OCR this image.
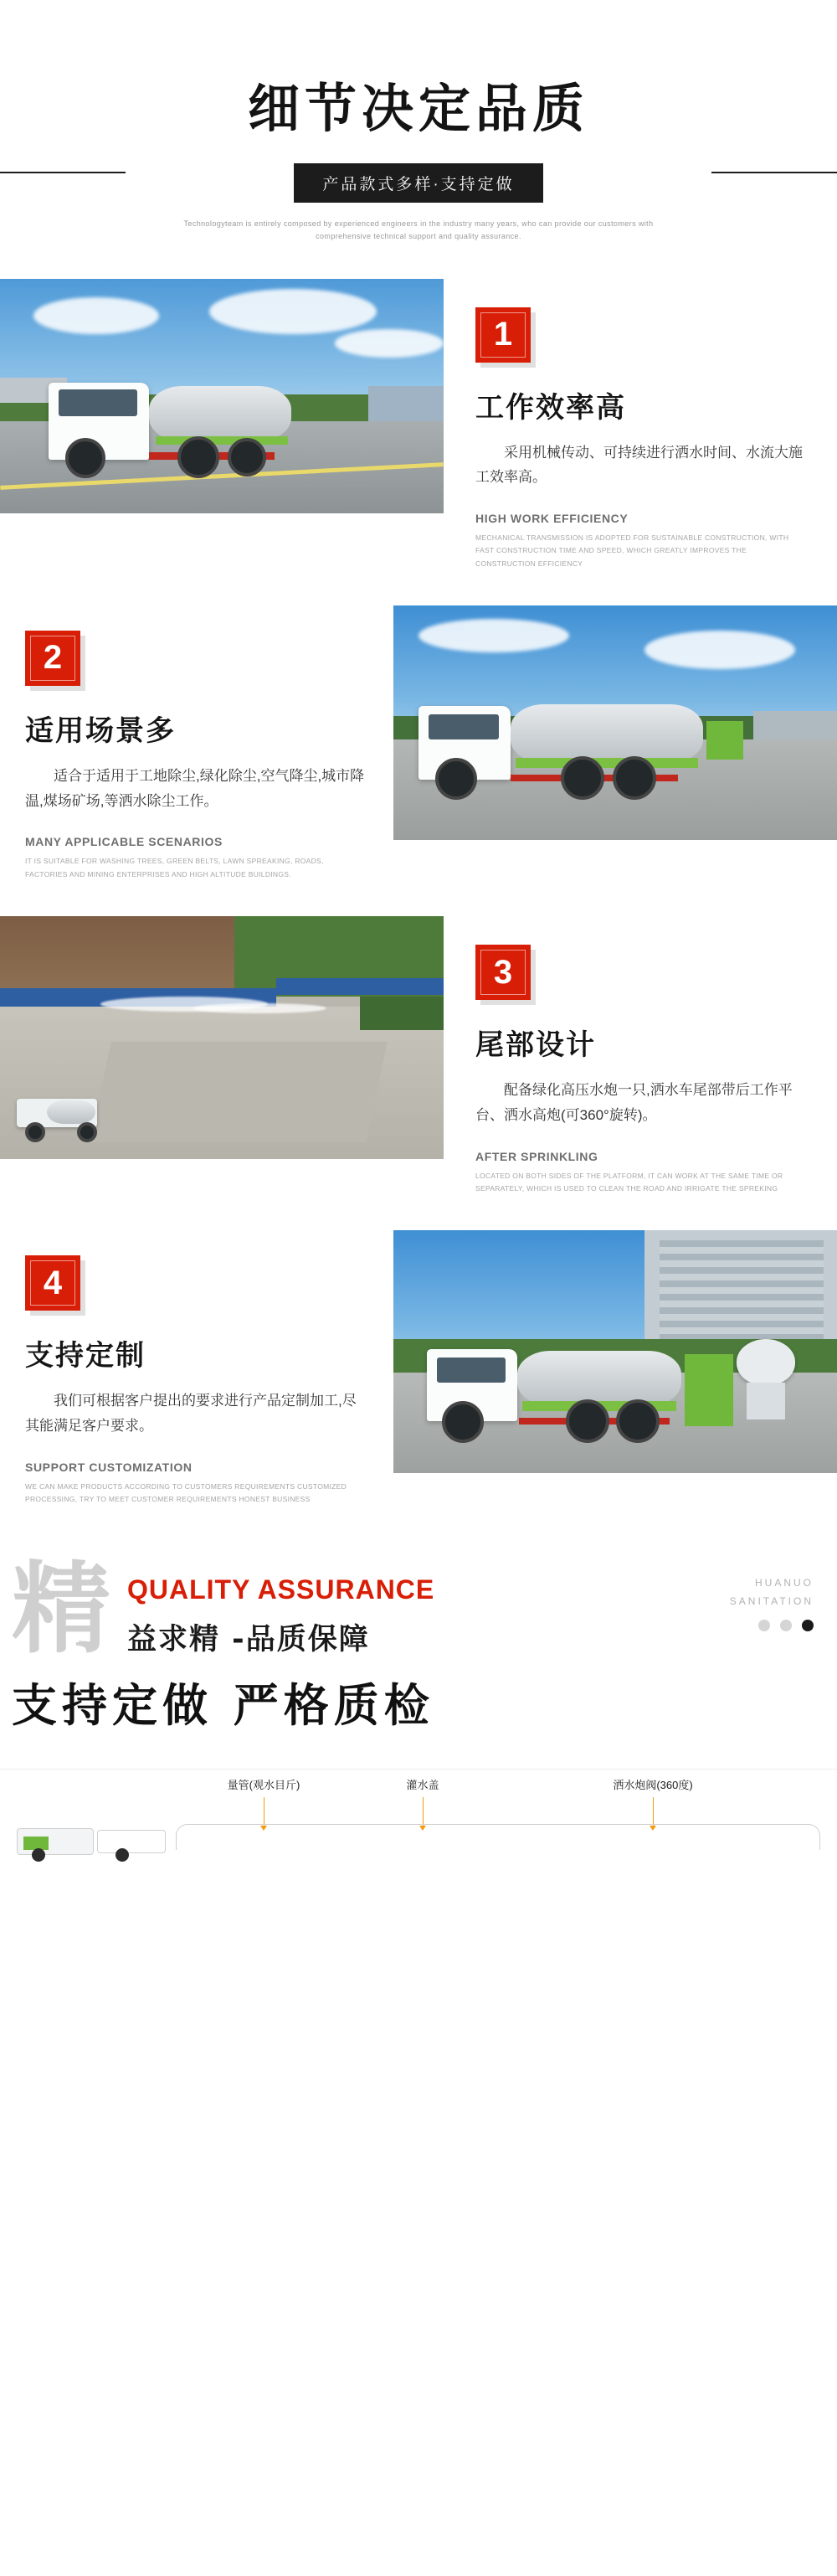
细节决定品质
产品款式多样·支持定做
Technologyteam is entirely composed by experienced engineers in the industry many years, who can provide our customers with comprehensive technical support and quality assurance.
1
工作效率高
采用机械传动、可持续进行洒水时间、水流大施工效率高。
HIGH WORK EFFICIENCY
MECHANICAL TRANSMISSION IS ADOPTED FOR SUSTAINABLE CONSTRUCTION, WITH FAST CONSTRUCTION TIME AND SPEED, WHICH GREATLY IMPROVES THE CONSTRUCTION EFFICIENCY
2
适用场景多
适合于适用于工地除尘,绿化除尘,空气降尘,城市降温,煤场矿场,等洒水除尘工作。
MANY APPLICABLE SCENARIOS
IT IS SUITABLE FOR WASHING TREES, GREEN BELTS, LAWN SPREAKING, ROADS, FACTORIES AND MINING ENTERPRISES AND HIGH ALTITUDE BUILDINGS.
3
尾部设计
配备绿化高压水炮一只,洒水车尾部带后工作平台、洒水高炮(可360°旋转)。
AFTER SPRINKLING
LOCATED ON BOTH SIDES OF THE PLATFORM, IT CAN WORK AT THE SAME TIME OR SEPARATELY, WHICH IS USED TO CLEAN THE ROAD AND IRRIGATE THE SPREKING
4
支持定制
我们可根据客户提出的要求进行产品定制加工,尽其能满足客户要求。
SUPPORT CUSTOMIZATION
WE CAN MAKE PRODUCTS ACCORDING TO CUSTOMERS REQUIREMENTS CUSTOMIZED PROCESSING, TRY TO MEET CUSTOMER REQUIREMENTS HONEST BUSINESS
精 QUALITY ASSURANCE
益求精 -品质保障
支持定做 严格质检
HUANUO
SANITATION
量管(观水目斤)	灌水盖	洒水炮阀(360度)
